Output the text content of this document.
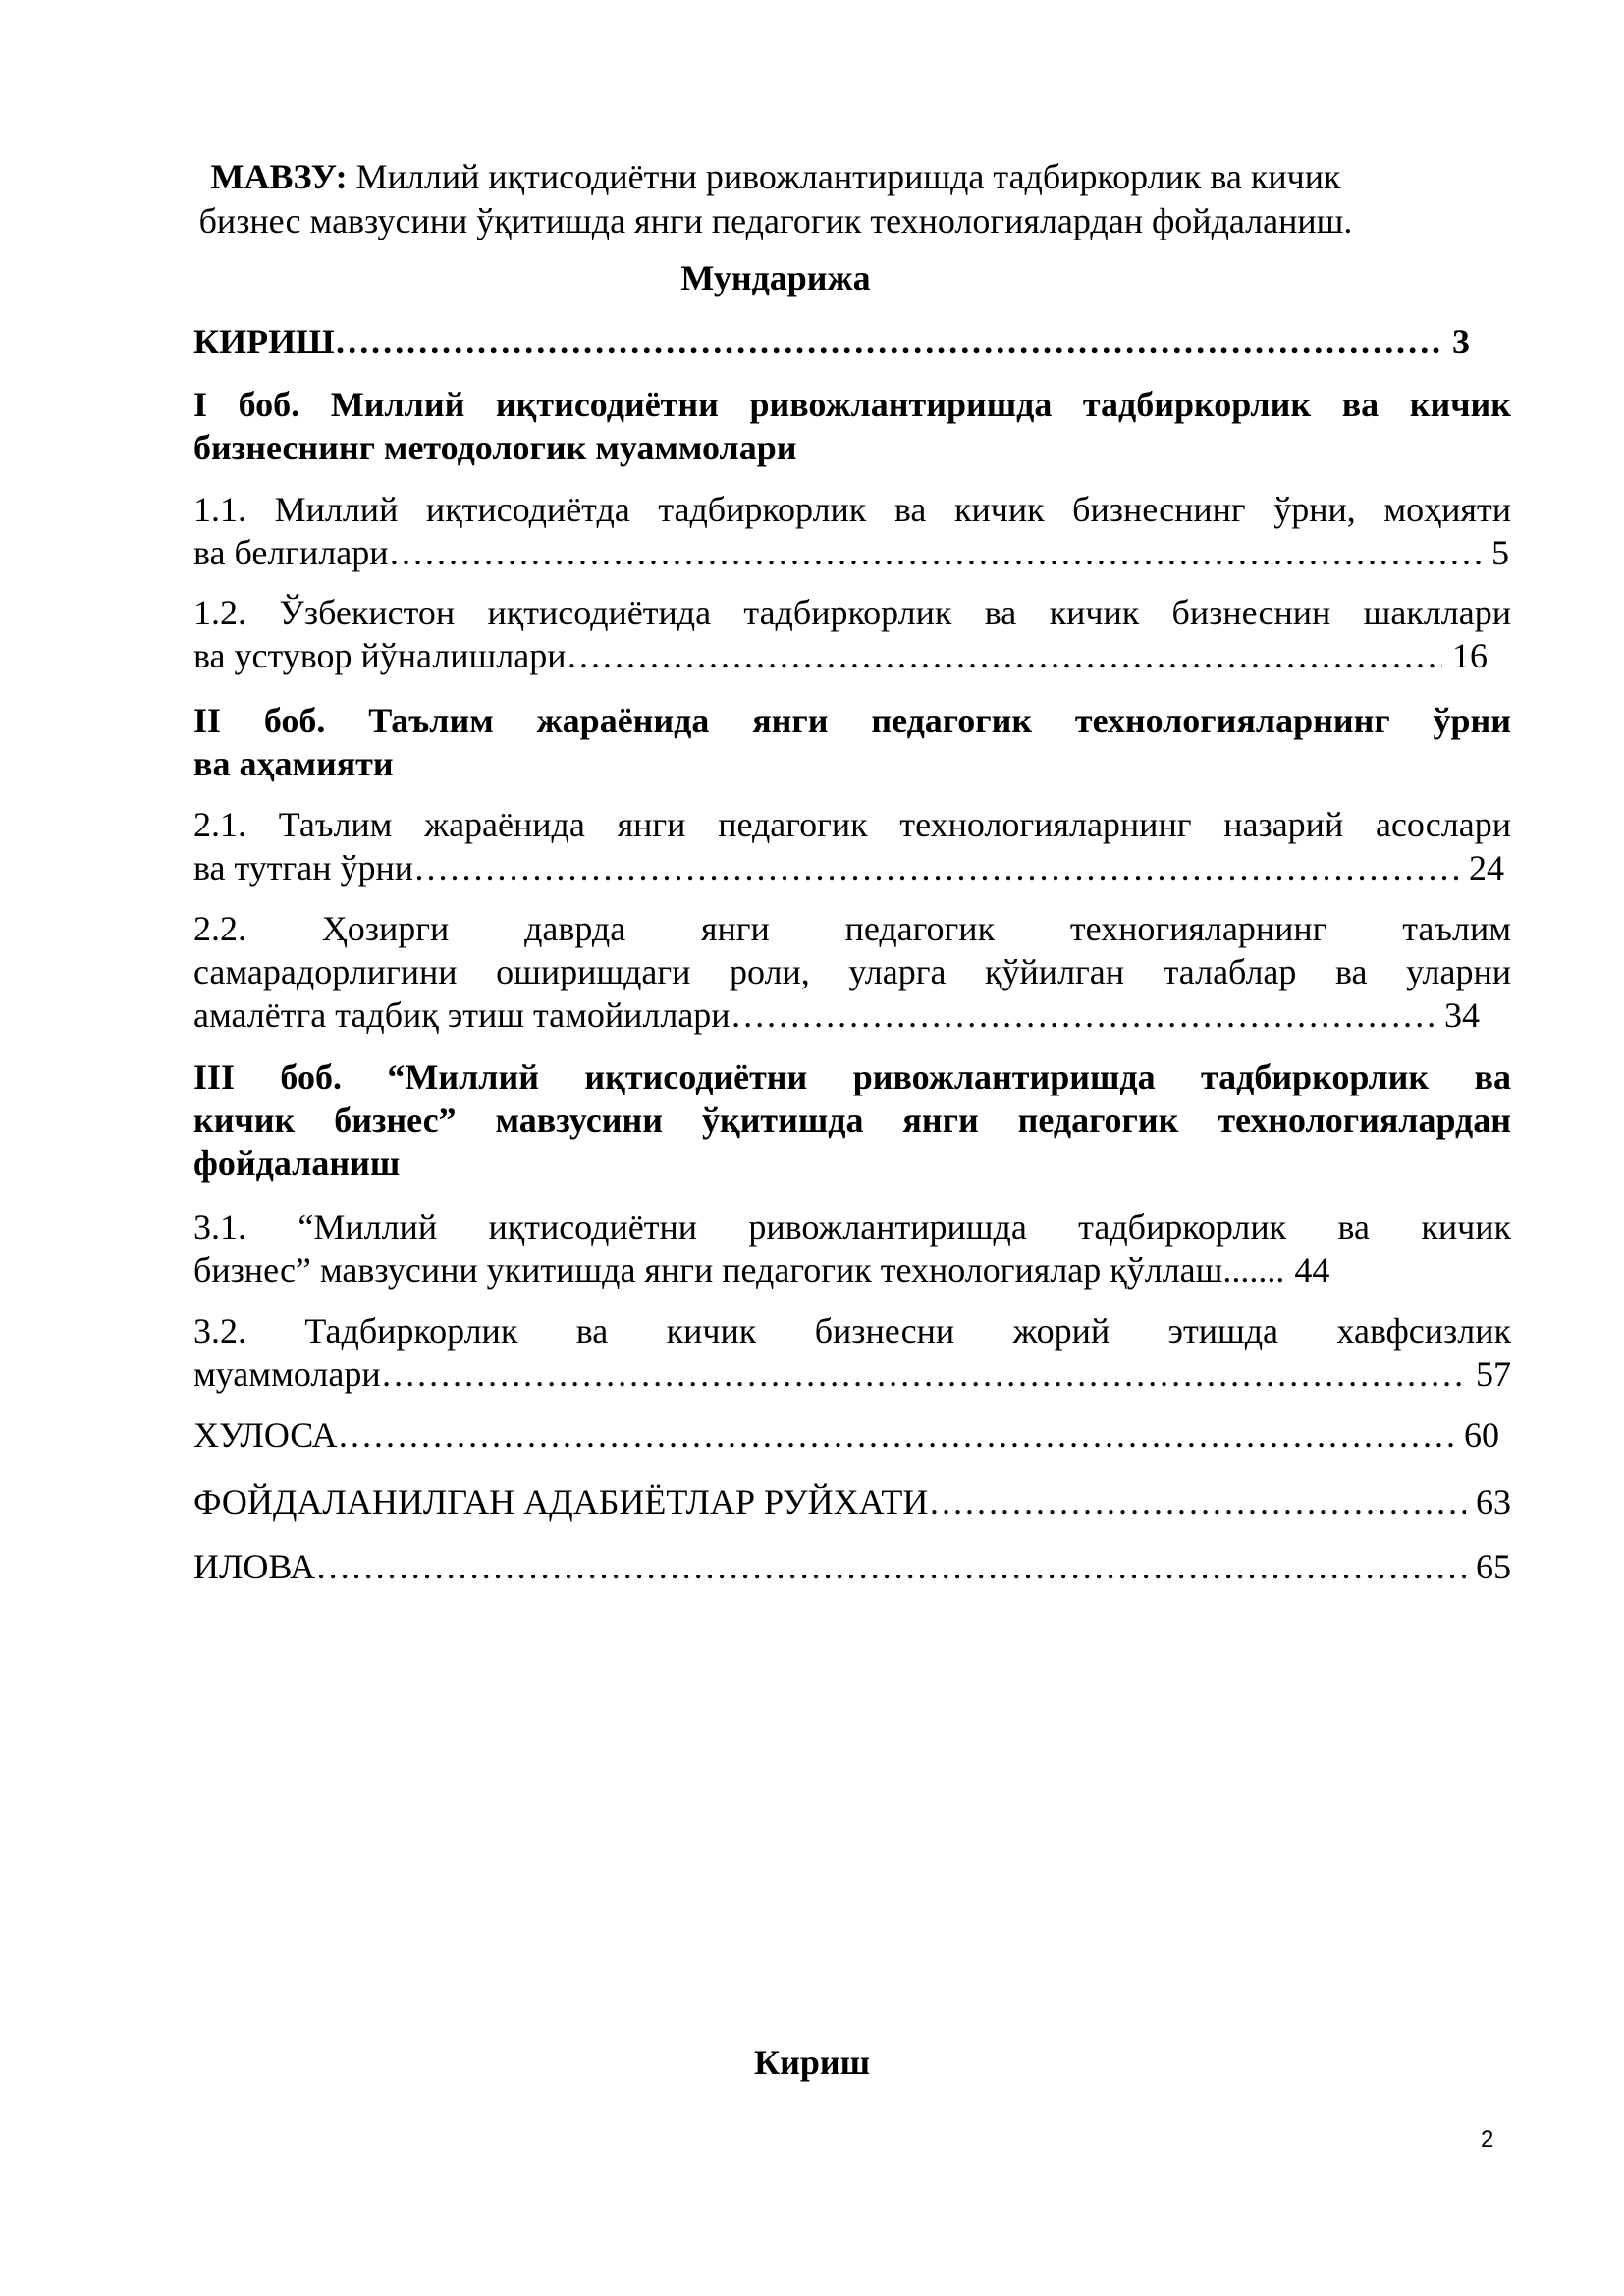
МАВЗУ: Миллий иқтисодиётни ривожлантиришда тадбиркорлик ва кичик
бизнес мавзусини ўқитишда янги педагогик технологиялардан фойдаланиш.
Мундарижа
КИРИШ ……………………………………………………………………………………………………………………………………………………………………	3
I боб. Миллий иқтисодиётни ривожлантиришда тадбиркорлик ва кичик
бизнеснинг методологик муаммолари
1.1. Миллий иқтисодиётда тадбиркорлик ва кичик бизнеснинг ўрни, моҳияти
ва белгилари ……………………………………………………………………………………………………………………………………………………………………	5
1.2. Ўзбекистон иқтисодиётида тадбиркорлик ва кичик бизнеснин шакллари
ва устувор йўналишлари ……………………………………………………………………………………………………………………………………………………………………	16
II боб. Таълим жараёнида янги педагогик технологияларнинг ўрни
ва аҳамияти
2.1. Таълим жараёнида янги педагогик технологияларнинг назарий асослари
ва тутган ўрни ……………………………………………………………………………………………………………………………………………………………………	24
2.2. Ҳозирги даврда янги педагогик техногияларнинг таълим
самарадорлигини оширишдаги роли, уларга қўйилган талаблар ва уларни
амалётга тадбиқ этиш тамойиллари ……………………………………………………………………………………………………………………………………………………………………	34
III боб. “Миллий иқтисодиётни ривожлантиришда тадбиркорлик ва
кичик бизнес” мавзусини ўқитишда янги педагогик технологиялардан
фойдаланиш
3.1. “Миллий иқтисодиётни ривожлантиришда тадбиркорлик ва кичик
бизнес” мавзусини укитишда янги педагогик технологиялар қўллаш....... 44
3.2. Тадбиркорлик ва кичик бизнесни жорий этишда хавфсизлик
муаммолари ……………………………………………………………………………………………………………………………………………………………………	57
ХУЛОСА ……………………………………………………………………………………………………………………………………………………………………	60
ФОЙДАЛАНИЛГАН АДАБИЁТЛАР РУЙХАТИ ……………………………………………………………………………………………………………………………………………………………………	63
ИЛОВА ……………………………………………………………………………………………………………………………………………………………………	65
Кириш
2
